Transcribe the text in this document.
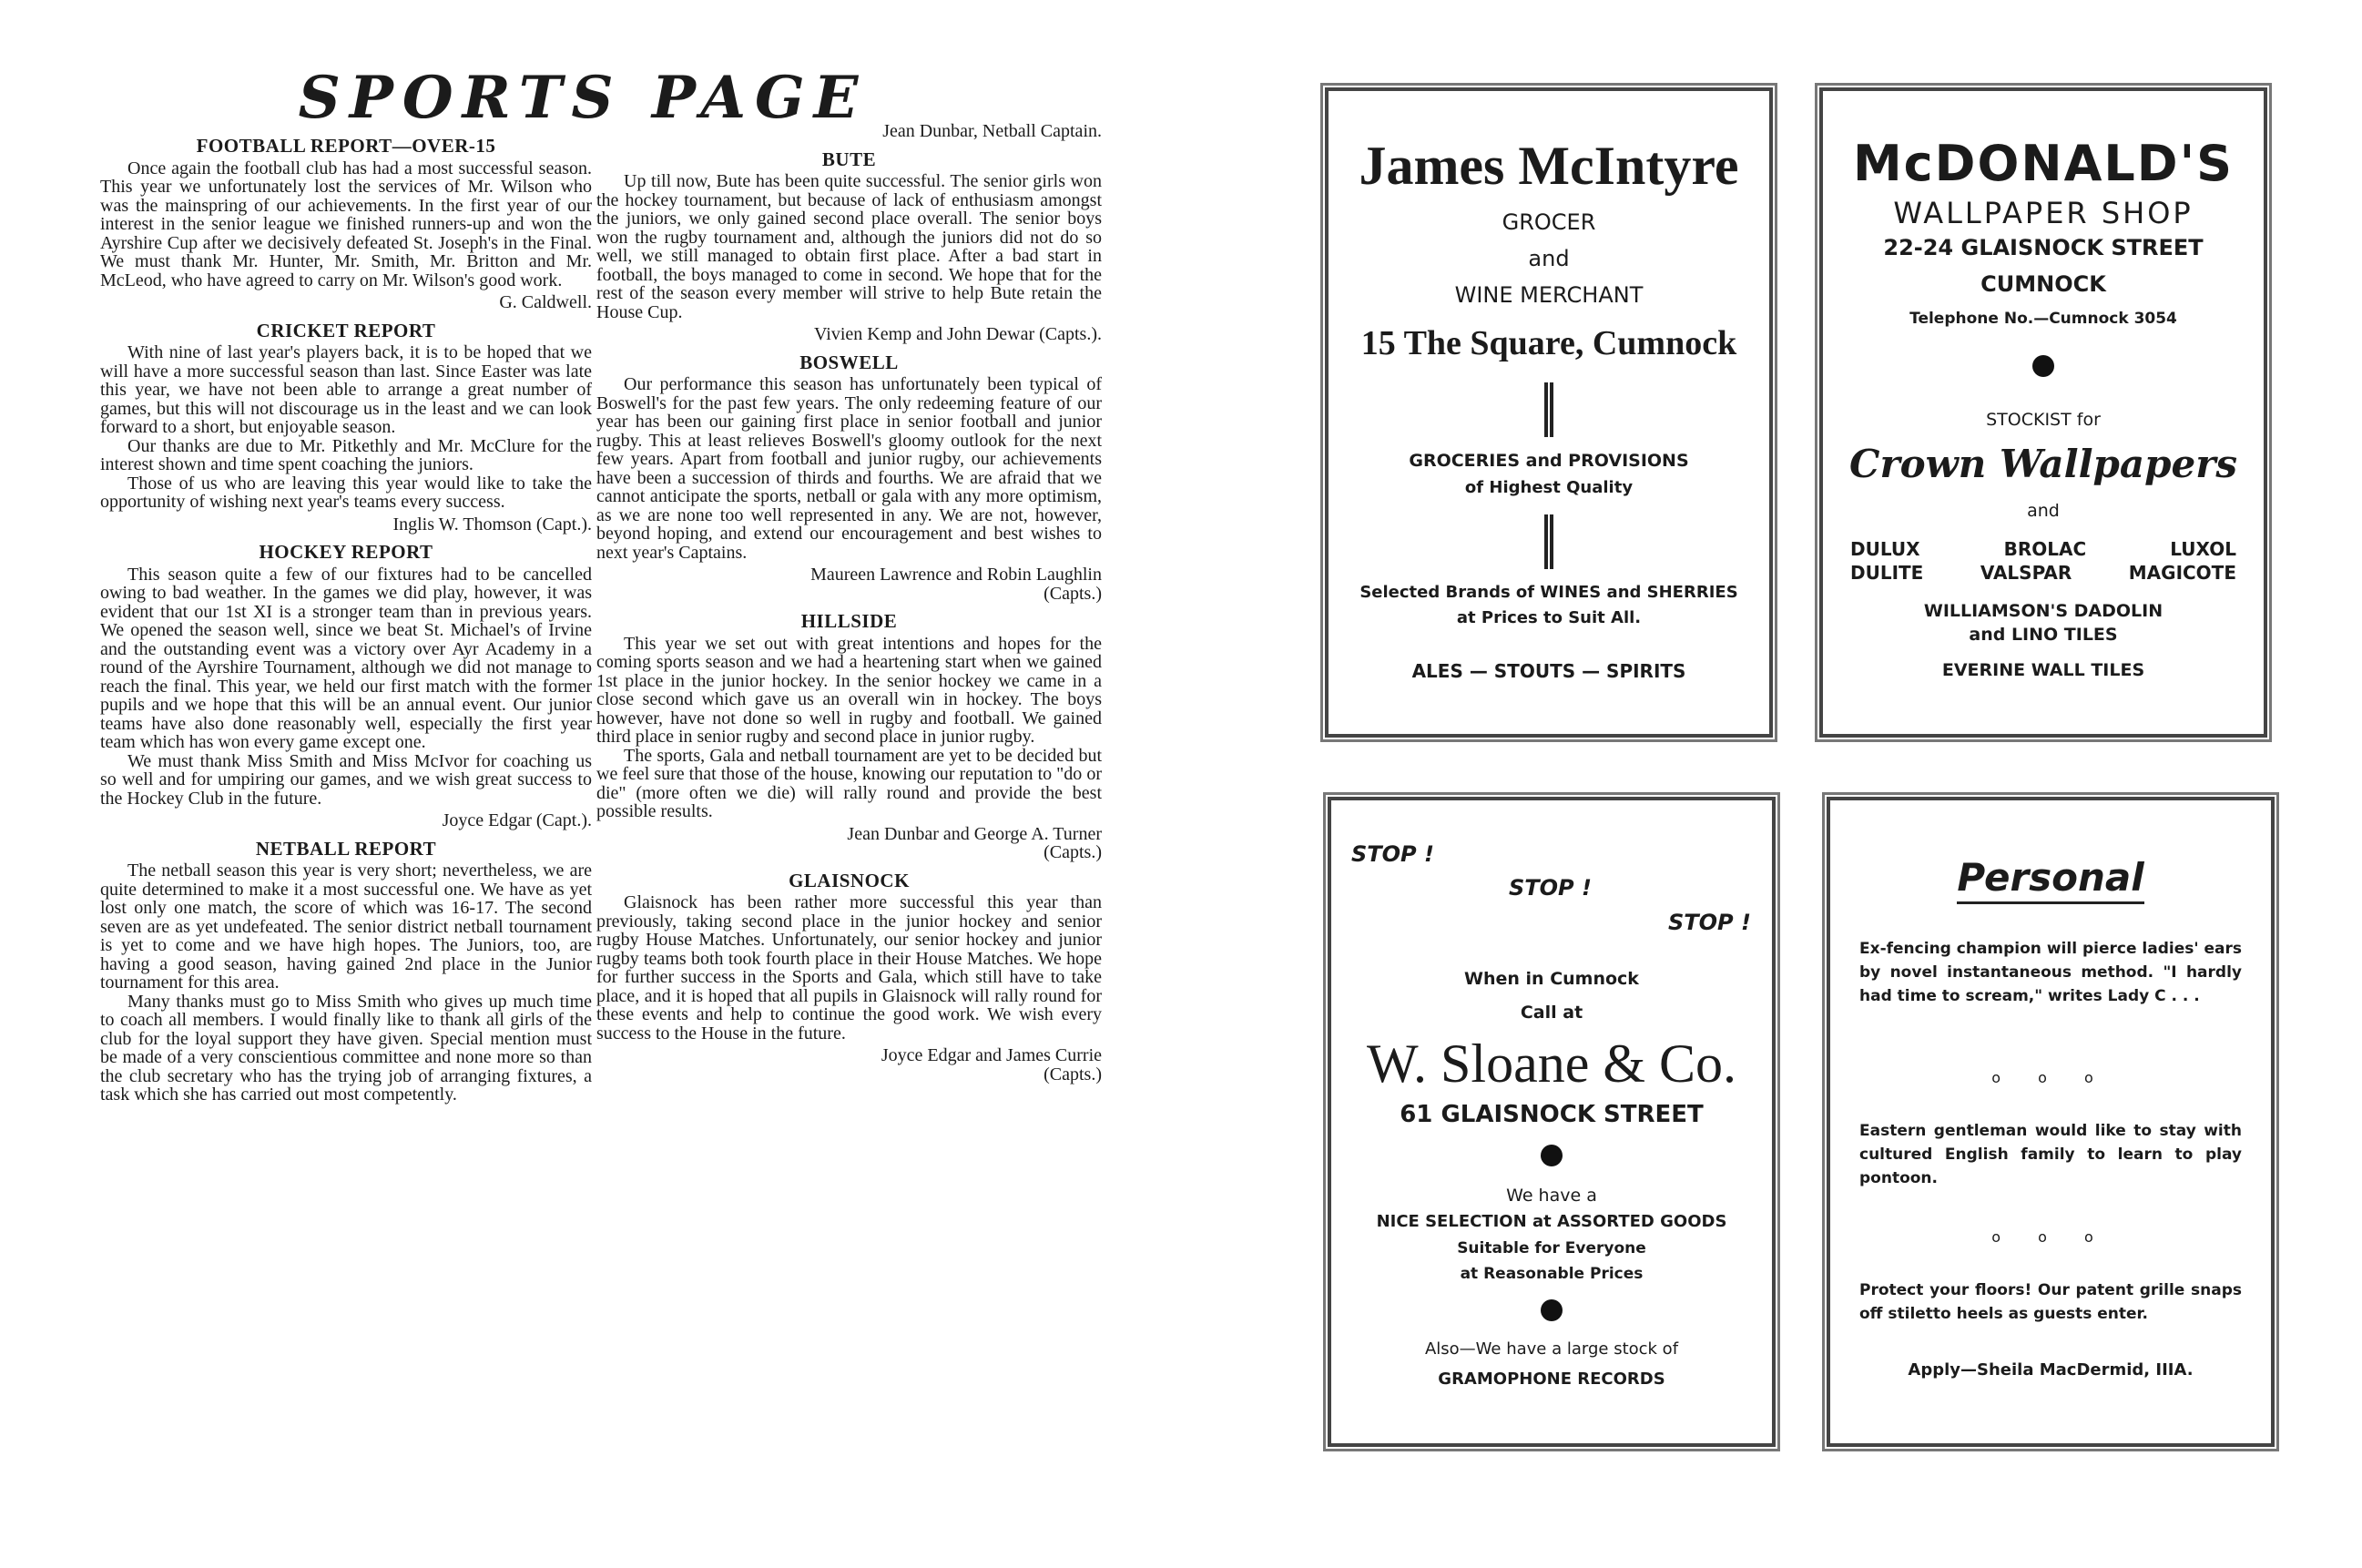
SPORTS PAGE
FOOTBALL REPORT—OVER-15

Once again the football club has had a most successful season. This year we unfortunately lost the services of Mr. Wilson who was the mainspring of our achievements. In the first year of our interest in the senior league we finished runners-up and won the Ayrshire Cup after we decisively defeated St. Joseph's in the Final. We must thank Mr. Hunter, Mr. Smith, Mr. Britton and Mr. McLeod, who have agreed to carry on Mr. Wilson's good work.

G. Caldwell.

CRICKET REPORT

With nine of last year's players back, it is to be hoped that we will have a more successful season than last. Since Easter was late this year, we have not been able to arrange a great number of games, but this will not discourage us in the least and we can look forward to a short, but enjoyable season.

Our thanks are due to Mr. Pitkethly and Mr. McClure for the interest shown and time spent coaching the juniors.

Those of us who are leaving this year would like to take the opportunity of wishing next year's teams every success.

Inglis W. Thomson (Capt.).

HOCKEY REPORT

This season quite a few of our fixtures had to be cancelled owing to bad weather. In the games we did play, however, it was evident that our 1st XI is a stronger team than in previous years. We opened the season well, since we beat St. Michael's of Irvine and the outstanding event was a victory over Ayr Academy in a round of the Ayrshire Tournament, although we did not manage to reach the final. This year, we held our first match with the former pupils and we hope that this will be an annual event. Our junior teams have also done reasonably well, especially the first year team which has won every game except one.

We must thank Miss Smith and Miss McIvor for coaching us so well and for umpiring our games, and we wish great success to the Hockey Club in the future.

Joyce Edgar (Capt.).

NETBALL REPORT

The netball season this year is very short; nevertheless, we are quite determined to make it a most successful one. We have as yet lost only one match, the score of which was 16-17. The second seven are as yet undefeated. The senior district netball tournament is yet to come and we have high hopes. The Juniors, too, are having a good season, having gained 2nd place in the Junior tournament for this area.

Many thanks must go to Miss Smith who gives up much time to coach all members. I would finally like to thank all girls of the club for the loyal support they have given. Special mention must be made of a very conscientious committee and none more so than the club secretary who has the trying job of arranging fixtures, a task which she has carried out most competently.

Jean Dunbar, Netball Captain.

BUTE

Up till now, Bute has been quite successful. The senior girls won the hockey tournament, but because of lack of enthusiasm amongst the juniors, we only gained second place overall. The senior boys won the rugby tournament and, although the juniors did not do so well, we still managed to obtain first place. After a bad start in football, the boys managed to come in second. We hope that for the rest of the season every member will strive to help Bute retain the House Cup.

Vivien Kemp and John Dewar (Capts.).

BOSWELL

Our performance this season has unfortunately been typical of Boswell's for the past few years. The only redeeming feature of our year has been our gaining first place in senior football and junior rugby. This at least relieves Boswell's gloomy outlook for the next few years. Apart from football and junior rugby, our achievements have been a succession of thirds and fourths. We are afraid that we cannot anticipate the sports, netball or gala with any more optimism, as we are none too well represented in any. We are not, however, beyond hoping, and extend our encouragement and best wishes to next year's Captains.

Maureen Lawrence and Robin Laughlin

(Capts.)

HILLSIDE

This year we set out with great intentions and hopes for the coming sports season and we had a heartening start when we gained 1st place in the junior hockey. In the senior hockey we came in a close second which gave us an overall win in hockey. The boys however, have not done so well in rugby and football. We gained third place in senior rugby and second place in junior rugby.

The sports, Gala and netball tournament are yet to be decided but we feel sure that those of the house, knowing our reputation to "do or die" (more often we die) will rally round and provide the best possible results.

Jean Dunbar and George A. Turner

(Capts.)

GLAISNOCK

Glaisnock has been rather more successful this year than previously, taking second place in the junior hockey and senior rugby House Matches. Unfortunately, our senior hockey and junior rugby teams both took fourth place in their House Matches. We hope for further success in the Sports and Gala, which still have to take place, and it is hoped that all pupils in Glaisnock will rally round for these events and help to continue the good work. We wish every success to the House in the future.

Joyce Edgar and James Currie

(Capts.)

James McIntyre
GROCER
and
WINE MERCHANT
15 The Square, Cumnock
GROCERIES and PROVISIONS
of Highest Quality
Selected Brands of WINES and SHERRIES
at Prices to Suit All.
ALES — STOUTS — SPIRITS
McDONALD'S
WALLPAPER SHOP
22-24 GLAISNOCK STREET
CUMNOCK
Telephone No.—Cumnock 3054
STOCKIST for
Crown Wallpapers
and
DULUX	BROLAC	LUXOL
DULITE	VALSPAR	MAGICOTE
WILLIAMSON'S DADOLIN
and LINO TILES
EVERINE WALL TILES
STOP !
STOP !
STOP !
When in Cumnock
Call at
W. Sloane & Co.
61 GLAISNOCK STREET
We have a
NICE SELECTION at ASSORTED GOODS
Suitable for Everyone
at Reasonable Prices
Also—We have a large stock of
GRAMOPHONE RECORDS
Personal
Ex-fencing champion will pierce ladies' ears by novel instantaneous method. "I hardly had time to scream," writes Lady C . . .
o o o
Eastern gentleman would like to stay with cultured English family to learn to play pontoon.
o o o
Protect your floors! Our patent grille snaps off stiletto heels as guests enter.
Apply—Sheila MacDermid, IIIA.
